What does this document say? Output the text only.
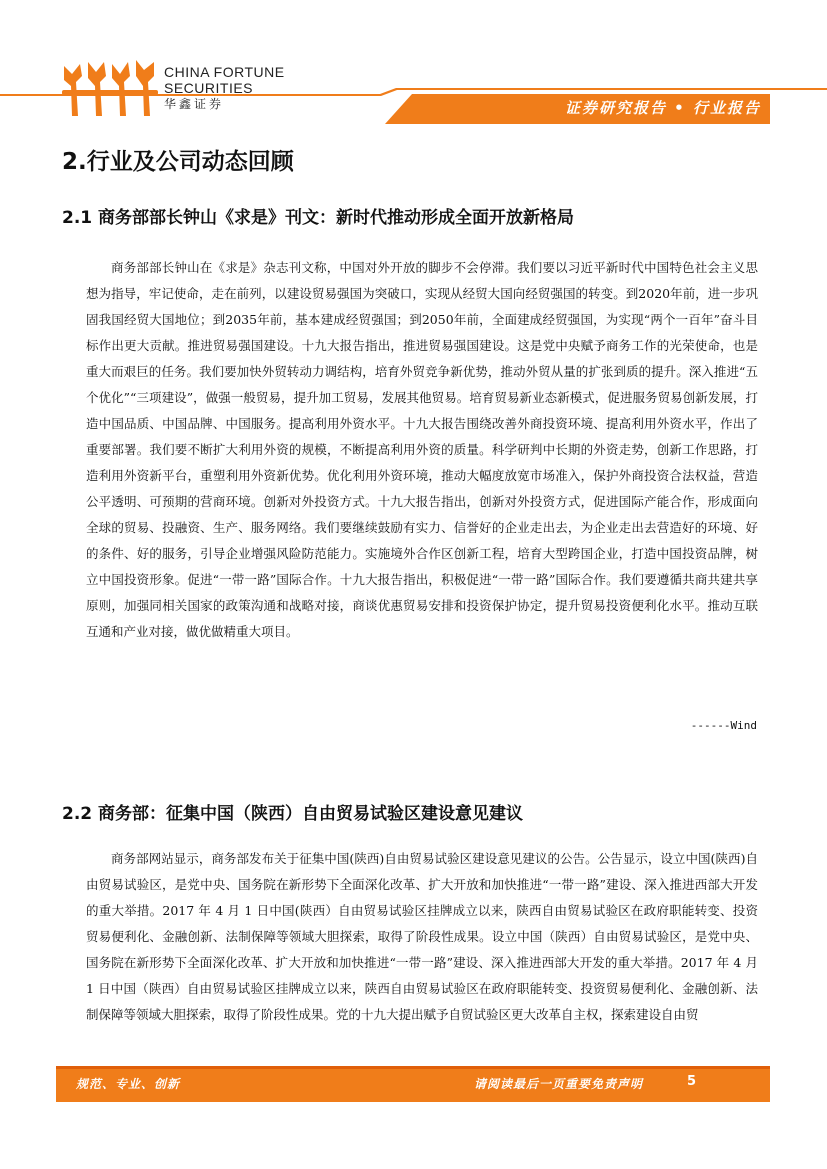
CHINA FORTUNE
SECURITIES
华鑫证券	证券研究报告 • 行业报告
2.行业及公司动态回顾
2.1 商务部部长钟山《求是》刊文：新时代推动形成全面开放新格局

商务部部长钟山在《求是》杂志刊文称，中国对外开放的脚步不会停滞。我们要以习近平新时代中国特色社会主义思想为指导，牢记使命，走在前列，以建设贸易强国为突破口，实现从经贸大国向经贸强国的转变。到2020年前，进一步巩固我国经贸大国地位；到2035年前，基本建成经贸强国；到2050年前，全面建成经贸强国，为实现“两个一百年”奋斗目标作出更大贡献。推进贸易强国建设。十九大报告指出，推进贸易强国建设。这是党中央赋予商务工作的光荣使命，也是重大而艰巨的任务。我们要加快外贸转动力调结构，培育外贸竞争新优势，推动外贸从量的扩张到质的提升。深入推进“五个优化”“三项建设”，做强一般贸易，提升加工贸易，发展其他贸易。培育贸易新业态新模式，促进服务贸易创新发展，打造中国品质、中国品牌、中国服务。提高利用外资水平。十九大报告围绕改善外商投资环境、提高利用外资水平，作出了重要部署。我们要不断扩大利用外资的规模，不断提高利用外资的质量。科学研判中长期的外资走势，创新工作思路，打造利用外资新平台，重塑利用外资新优势。优化利用外资环境，推动大幅度放宽市场准入，保护外商投资合法权益，营造公平透明、可预期的营商环境。创新对外投资方式。十九大报告指出，创新对外投资方式，促进国际产能合作，形成面向全球的贸易、投融资、生产、服务网络。我们要继续鼓励有实力、信誉好的企业走出去，为企业走出去营造好的环境、好的条件、好的服务，引导企业增强风险防范能力。实施境外合作区创新工程，培育大型跨国企业，打造中国投资品牌，树立中国投资形象。促进“一带一路”国际合作。十九大报告指出，积极促进“一带一路”国际合作。我们要遵循共商共建共享原则，加强同相关国家的政策沟通和战略对接，商谈优惠贸易安排和投资保护协定，提升贸易投资便利化水平。推动互联互通和产业对接，做优做精重大项目。

------Wind
2.2 商务部：征集中国（陕西）自由贸易试验区建设意见建议

商务部网站显示，商务部发布关于征集中国(陕西)自由贸易试验区建设意见建议的公告。公告显示，设立中国(陕西)自由贸易试验区，是党中央、国务院在新形势下全面深化改革、扩大开放和加快推进“一带一路”建设、深入推进西部大开发的重大举措。2017 年 4 月 1 日中国(陕西）自由贸易试验区挂牌成立以来，陕西自由贸易试验区在政府职能转变、投资贸易便利化、金融创新、法制保障等领域大胆探索，取得了阶段性成果。设立中国（陕西）自由贸易试验区，是党中央、国务院在新形势下全面深化改革、扩大开放和加快推进“一带一路”建设、深入推进西部大开发的重大举措。2017 年 4 月 1 日中国（陕西）自由贸易试验区挂牌成立以来，陕西自由贸易试验区在政府职能转变、投资贸易便利化、金融创新、法制保障等领域大胆探索，取得了阶段性成果。党的十九大提出赋予自贸试验区更大改革自主权，探索建设自由贸

规范、专业、创新	请阅读最后一页重要免责声明	5
